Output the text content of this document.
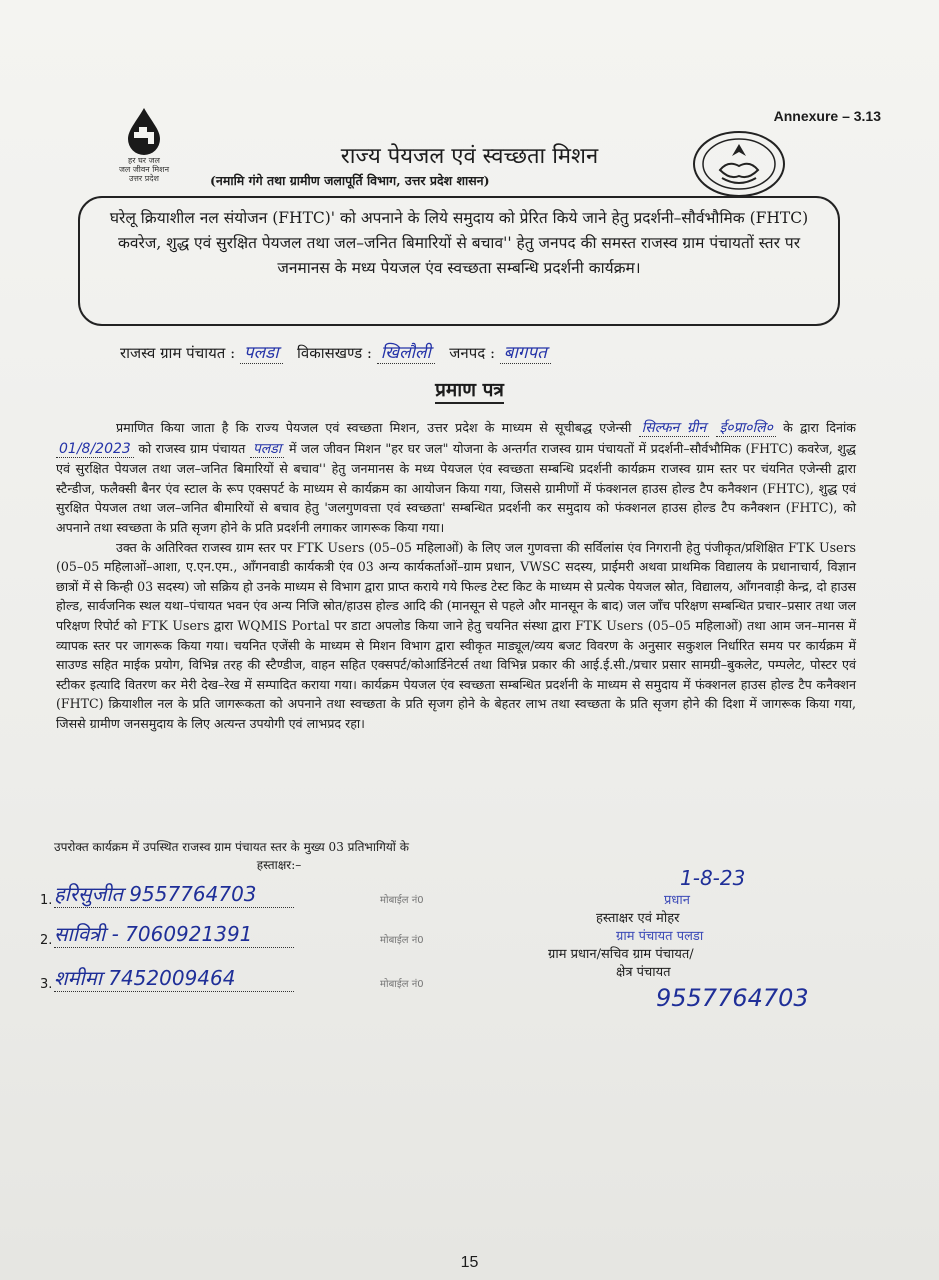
Annexure – 3.13
हर घर जल
जल जीवन मिशन
उत्तर प्रदेश
राज्य पेयजल एवं स्वच्छता मिशन
(नमामि गंगे तथा ग्रामीण जलापूर्ति विभाग, उत्तर प्रदेश शासन)
घरेलू क्रियाशील नल संयोजन (FHTC)' को अपनाने के लिये समुदाय को प्रेरित किये जाने हेतु प्रदर्शनी–सौर्वभौमिक (FHTC) कवरेज, शुद्ध एवं सुरक्षित पेयजल तथा जल–जनित बिमारियों से बचाव'' हेतु जनपद की समस्त राजस्व ग्राम पंचायतों स्तर पर जनमानस के मध्य पेयजल एंव स्वच्छता सम्बन्धि प्रदर्शनी कार्यक्रम।
राजस्व ग्राम पंचायत : पलडा विकासखण्ड : खिलौली जनपद : बागपत
प्रमाण पत्र

प्रमाणित किया जाता है कि राज्य पेयजल एवं स्वच्छता मिशन, उत्तर प्रदेश के माध्यम से सूचीबद्ध एजेन्सी सिल्फन ग्रीन ई०प्रा०लि० के द्वारा दिनांक 01/8/2023 को राजस्व ग्राम पंचायत पलडा में जल जीवन मिशन "हर घर जल" योजना के अन्तर्गत राजस्व ग्राम पंचायतों में प्रदर्शनी–सौर्वभौमिक (FHTC) कवरेज, शुद्ध एवं सुरक्षित पेयजल तथा जल–जनित बिमारियों से बचाव'' हेतु जनमानस के मध्य पेयजल एंव स्वच्छता सम्बन्धि प्रदर्शनी कार्यक्रम राजस्व ग्राम स्तर पर चंयनित एजेन्सी द्वारा स्टैन्डीज, फलैक्सी बैनर एंव स्टाल के रूप एक्सपर्ट के माध्यम से कार्यक्रम का आयोजन किया गया, जिससे ग्रामीणों में फंक्शनल हाउस होल्ड टैप कनैक्शन (FHTC), शुद्ध एवं सुरक्षित पेयजल तथा जल–जनित बीमारियों से बचाव हेतु 'जलगुणवत्ता एवं स्वच्छता' सम्बन्धित प्रदर्शनी कर समुदाय को फंक्शनल हाउस होल्ड टैप कनैक्शन (FHTC), को अपनाने तथा स्वच्छता के प्रति सृजग होने के प्रति प्रदर्शनी लगाकर जागरूक किया गया।

उक्त के अतिरिक्त राजस्व ग्राम स्तर पर FTK Users (05–05 महिलाओं) के लिए जल गुणवत्ता की सर्विलांस एंव निगरानी हेतु पंजीकृत/प्रशिक्षित FTK Users (05–05 महिलाओं–आशा, ए.एन.एम., आँगनवाडी कार्यकत्री एंव 03 अन्य कार्यकर्ताओं–ग्राम प्रधान, VWSC सदस्य, प्राईमरी अथवा प्राथमिक विद्यालय के प्रधानाचार्य, विज्ञान छात्रों में से किन्ही 03 सदस्य) जो सक्रिय हो उनके माध्यम से विभाग द्वारा प्राप्त कराये गये फिल्ड टेस्ट किट के माध्यम से प्रत्येक पेयजल स्रोत, विद्यालय, आँगनवाड़ी केन्द्र, दो हाउस होल्ड, सार्वजनिक स्थल यथा–पंचायत भवन एंव अन्य निजि स्रोत/हाउस होल्ड आदि की (मानसून से पहले और मानसून के बाद) जल जाँच परिक्षण सम्बन्धित प्रचार–प्रसार तथा जल परिक्षण रिपोर्ट को FTK Users द्वारा WQMIS Portal पर डाटा अपलोड किया जाने हेतु चयनित संस्था द्वारा FTK Users (05–05 महिलाओं) तथा आम जन–मानस में व्यापक स्तर पर जागरूक किया गया। चयनित एजेंसी के माध्यम से मिशन विभाग द्वारा स्वीकृत माड्यूल/व्यय बजट विवरण के अनुसार सकुशल निर्धारित समय पर कार्यक्रम में साउण्ड सहित माईक प्रयोग, विभिन्न तरह की स्टैण्डीज, वाहन सहित एक्सपर्ट/कोआर्डिनेटर्स तथा विभिन्न प्रकार की आई.ई.सी./प्रचार प्रसार सामग्री–बुकलेट, पम्पलेट, पोस्टर एवं स्टीकर इत्यादि वितरण कर मेरी देख–रेख में सम्पादित कराया गया। कार्यक्रम पेयजल एंव स्वच्छता सम्बन्धित प्रदर्शनी के माध्यम से समुदाय में फंक्शनल हाउस होल्ड टैप कनैक्शन (FHTC) क्रियाशील नल के प्रति जागरूकता को अपनाने तथा स्वच्छता के प्रति सृजग होने के बेहतर लाभ तथा स्वच्छता के प्रति सृजग होने की दिशा में जागरूक किया गया, जिससे ग्रामीण जनसमुदाय के लिए अत्यन्त उपयोगी एवं लाभप्रद रहा।

उपरोक्त कार्यक्रम में उपस्थित राजस्व ग्राम पंचायत स्तर के मुख्य 03 प्रतिभागियों के
हस्ताक्षर:–
1. हरिसुजीत 9557764703	मोबाईल नं0
2. सावित्री - 7060921391	मोबाईल नं0
3. शमीमा 7452009464	मोबाईल नं0
1-8-23
प्रधान
हस्ताक्षर एवं मोहर
ग्राम पंचायत पलडा
ग्राम प्रधान/सचिव ग्राम पंचायत/
क्षेत्र पंचायत
9557764703
15
